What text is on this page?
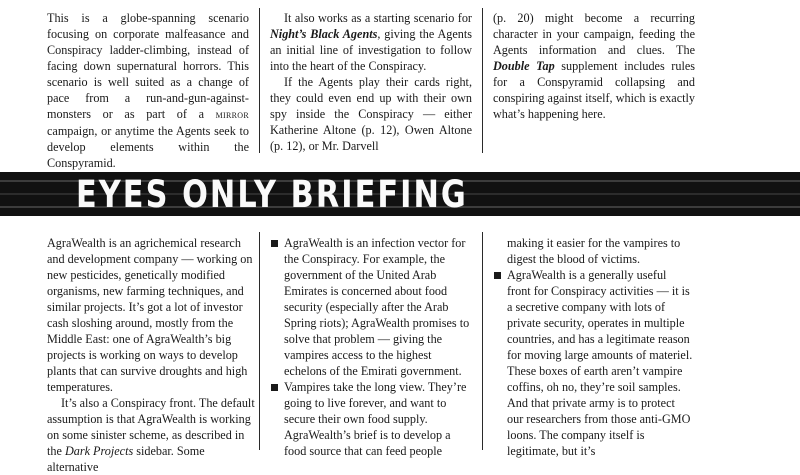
This is a globe-spanning scenario focusing on corporate malfeasance and Conspiracy ladder-climbing, instead of facing down supernatural horrors. This scenario is well suited as a change of pace from a run-and-gun-against-monsters or as part of a mirror campaign, or anytime the Agents seek to develop elements within the Conspyramid.

It also works as a starting scenario for Night’s Black Agents, giving the Agents an initial line of investigation to follow into the heart of the Conspiracy.

If the Agents play their cards right, they could even end up with their own spy inside the Conspiracy — either Katherine Altone (p. 12), Owen Altone (p. 12), or Mr. Darvell

(p. 20) might become a recurring character in your campaign, feeding the Agents information and clues. The Double Tap supplement includes rules for a Conspyramid collapsing and conspiring against itself, which is exactly what’s happening here.

EYES ONLY BRIEFING

AgraWealth is an agrichemical research and development company — working on new pesticides, genetically modified organisms, new farming techniques, and similar projects. It’s got a lot of investor cash sloshing around, mostly from the Middle East: one of AgraWealth’s big projects is working on ways to develop plants that can survive droughts and high temperatures.

It’s also a Conspiracy front. The default assumption is that AgraWealth is working on some sinister scheme, as described in the Dark Projects sidebar. Some alternative

AgraWealth is an infection vector for the Conspiracy. For example, the government of the United Arab Emirates is concerned about food security (especially after the Arab Spring riots); AgraWealth promises to solve that problem — giving the vampires access to the highest echelons of the Emirati government.
Vampires take the long view. They’re going to live forever, and want to secure their own food supply. AgraWealth’s brief is to develop a food source that can feed people

making it easier for the vampires to digest the blood of victims.

AgraWealth is a generally useful front for Conspiracy activities — it is a secretive company with lots of private security, operates in multiple countries, and has a legitimate reason for moving large amounts of materiel. These boxes of earth aren’t vampire coffins, oh no, they’re soil samples. And that private army is to protect our researchers from those anti-GMO loons. The company itself is legitimate, but it’s
